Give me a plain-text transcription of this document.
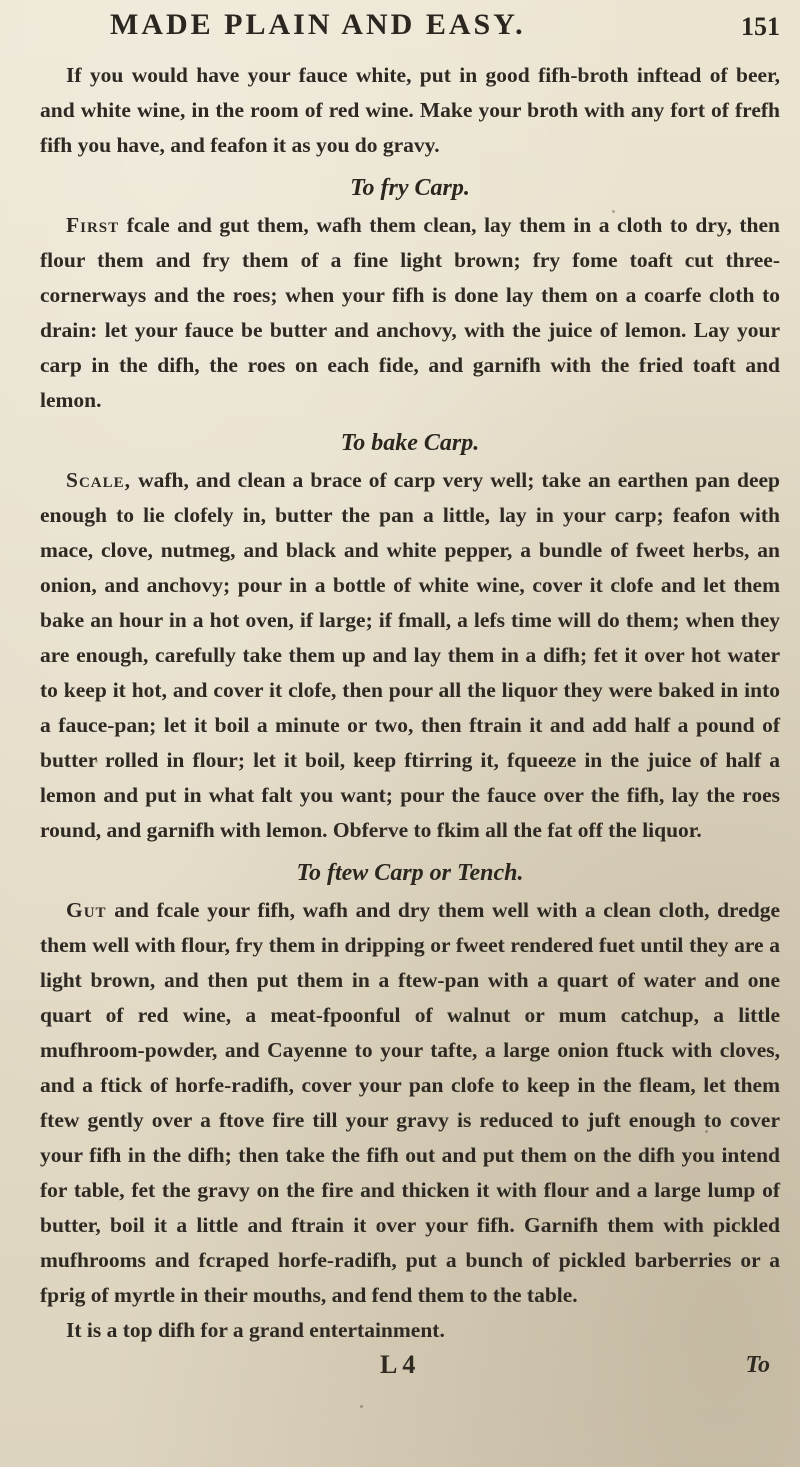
MADE PLAIN AND EASY.	151

If you would have your fauce white, put in good fifh-broth inftead of beer, and white wine, in the room of red wine. Make your broth with any fort of frefh fifh you have, and feafon it as you do gravy.

To fry Carp.

First fcale and gut them, wafh them clean, lay them in a cloth to dry, then flour them and fry them of a fine light brown; fry fome toaft cut three-cornerways and the roes; when your fifh is done lay them on a coarfe cloth to drain: let your fauce be butter and anchovy, with the juice of lemon. Lay your carp in the difh, the roes on each fide, and garnifh with the fried toaft and lemon.

To bake Carp.

Scale, wafh, and clean a brace of carp very well; take an earthen pan deep enough to lie clofely in, butter the pan a little, lay in your carp; feafon with mace, clove, nutmeg, and black and white pepper, a bundle of fweet herbs, an onion, and anchovy; pour in a bottle of white wine, cover it clofe and let them bake an hour in a hot oven, if large; if fmall, a lefs time will do them; when they are enough, carefully take them up and lay them in a difh; fet it over hot water to keep it hot, and cover it clofe, then pour all the liquor they were baked in into a fauce-pan; let it boil a minute or two, then ftrain it and add half a pound of butter rolled in flour; let it boil, keep ftirring it, fqueeze in the juice of half a lemon and put in what falt you want; pour the fauce over the fifh, lay the roes round, and garnifh with lemon. Obferve to fkim all the fat off the liquor.

To ftew Carp or Tench.

Gut and fcale your fifh, wafh and dry them well with a clean cloth, dredge them well with flour, fry them in dripping or fweet rendered fuet until they are a light brown, and then put them in a ftew-pan with a quart of water and one quart of red wine, a meat-fpoonful of walnut or mum catchup, a little mufhroom-powder, and Cayenne to your tafte, a large onion ftuck with cloves, and a ftick of horfe-radifh, cover your pan clofe to keep in the fleam, let them ftew gently over a ftove fire till your gravy is reduced to juft enough to cover your fifh in the difh; then take the fifh out and put them on the difh you intend for table, fet the gravy on the fire and thicken it with flour and a large lump of butter, boil it a little and ftrain it over your fifh. Garnifh them with pickled mufhrooms and fcraped horfe-radifh, put a bunch of pickled barberries or a fprig of myrtle in their mouths, and fend them to the table.

It is a top difh for a grand entertainment.

L 4	To
